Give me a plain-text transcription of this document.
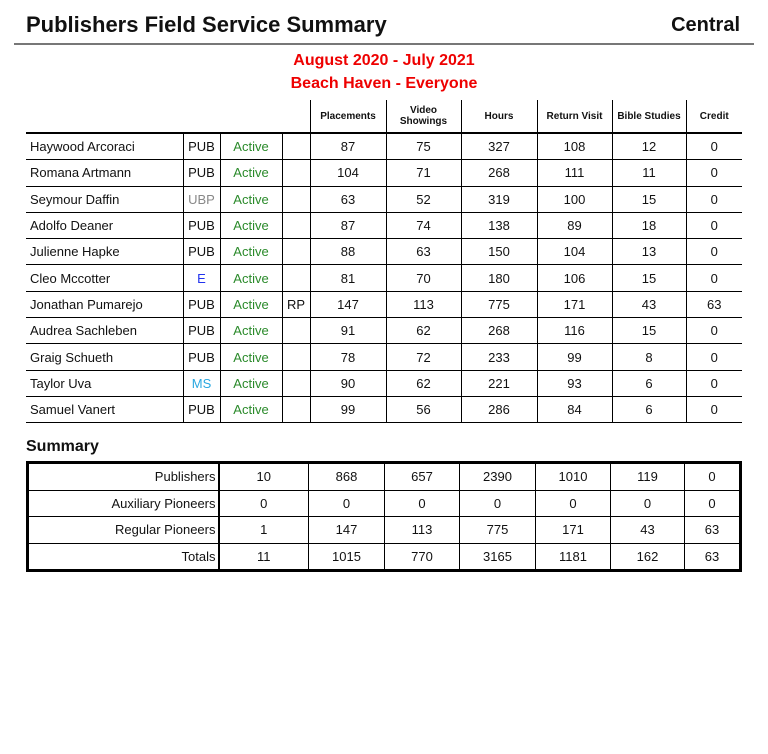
Publishers Field Service Summary	Central
August 2020 - July 2021
Beach Haven - Everyone
				Placements	Video Showings	Hours	Return Visit	Bible Studies	Credit
Haywood Arcoraci	PUB	Active		87	75	327	108	12	0
Romana Artmann	PUB	Active		104	71	268	111	11	0
Seymour Daffin	UBP	Active		63	52	319	100	15	0
Adolfo Deaner	PUB	Active		87	74	138	89	18	0
Julienne Hapke	PUB	Active		88	63	150	104	13	0
Cleo Mccotter	E	Active		81	70	180	106	15	0
Jonathan Pumarejo	PUB	Active	RP	147	113	775	171	43	63
Audrea Sachleben	PUB	Active		91	62	268	116	15	0
Graig Schueth	PUB	Active		78	72	233	99	8	0
Taylor Uva	MS	Active		90	62	221	93	6	0
Samuel Vanert	PUB	Active		99	56	286	84	6	0
Summary
Publishers	10	868	657	2390	1010	119	0
Auxiliary Pioneers	0	0	0	0	0	0	0
Regular Pioneers	1	147	113	775	171	43	63
Totals	11	1015	770	3165	1181	162	63
